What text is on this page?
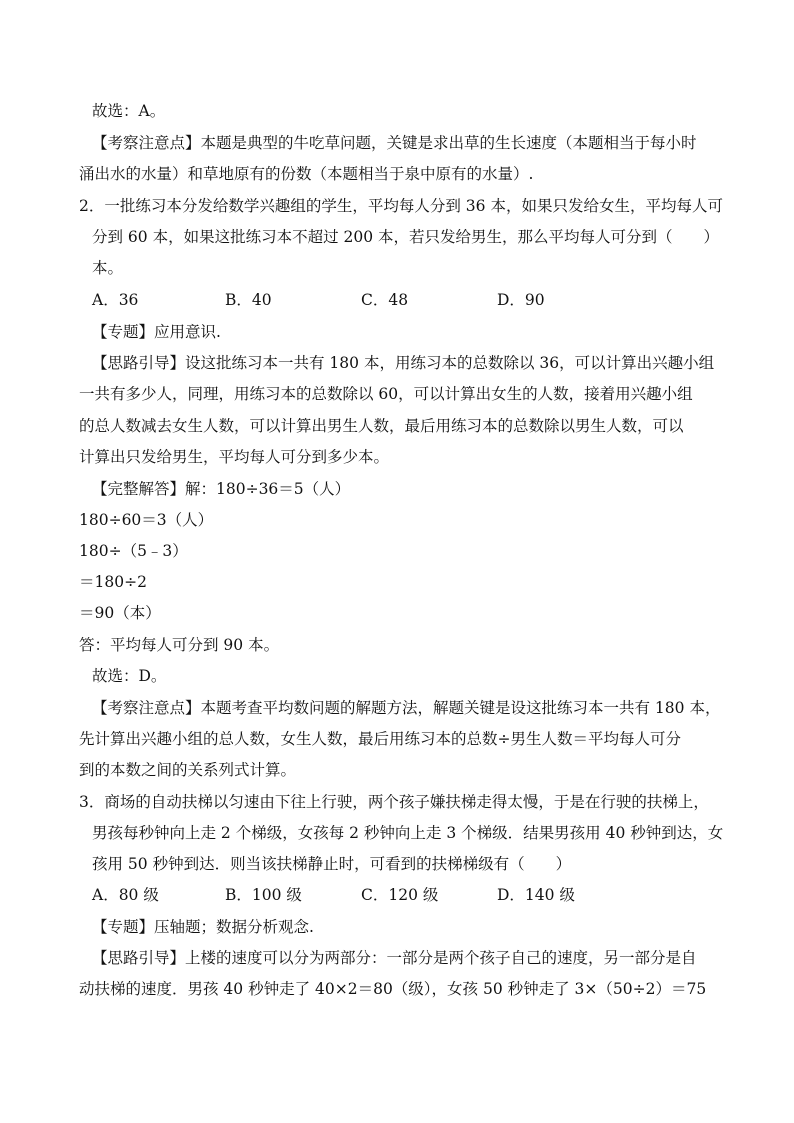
故选：A。
【考察注意点】本题是典型的牛吃草问题，关键是求出草的生长速度（本题相当于每小时
涌出水的水量）和草地原有的份数（本题相当于泉中原有的水量）.
2．一批练习本分发给数学兴趣组的学生，平均每人分到 36 本，如果只发给女生，平均每人可
分到 60 本，如果这批练习本不超过 200 本，若只发给男生，那么平均每人可分到（　　）
本。
A．36	B．40	C．48	D．90
【专题】应用意识.
【思路引导】设这批练习本一共有 180 本，用练习本的总数除以 36，可以计算出兴趣小组
一共有多少人，同理，用练习本的总数除以 60，可以计算出女生的人数，接着用兴趣小组
的总人数减去女生人数，可以计算出男生人数，最后用练习本的总数除以男生人数，可以
计算出只发给男生，平均每人可分到多少本。
【完整解答】解：180÷36＝5（人）
180÷60＝3（人）
180÷（5﹣3）
＝180÷2
＝90（本）
答：平均每人可分到 90 本。
故选：D。
【考察注意点】本题考查平均数问题的解题方法，解题关键是设这批练习本一共有 180 本，
先计算出兴趣小组的总人数，女生人数，最后用练习本的总数÷男生人数＝平均每人可分
到的本数之间的关系列式计算。
3．商场的自动扶梯以匀速由下往上行驶，两个孩子嫌扶梯走得太慢，于是在行驶的扶梯上，
男孩每秒钟向上走 2 个梯级，女孩每 2 秒钟向上走 3 个梯级．结果男孩用 40 秒钟到达，女
孩用 50 秒钟到达．则当该扶梯静止时，可看到的扶梯梯级有（　　）
A．80 级	B．100 级	C．120 级	D．140 级
【专题】压轴题；数据分析观念.
【思路引导】上楼的速度可以分为两部分：一部分是两个孩子自己的速度，另一部分是自
动扶梯的速度．男孩 40 秒钟走了 40×2＝80（级），女孩 50 秒钟走了 3×（50÷2）＝75
